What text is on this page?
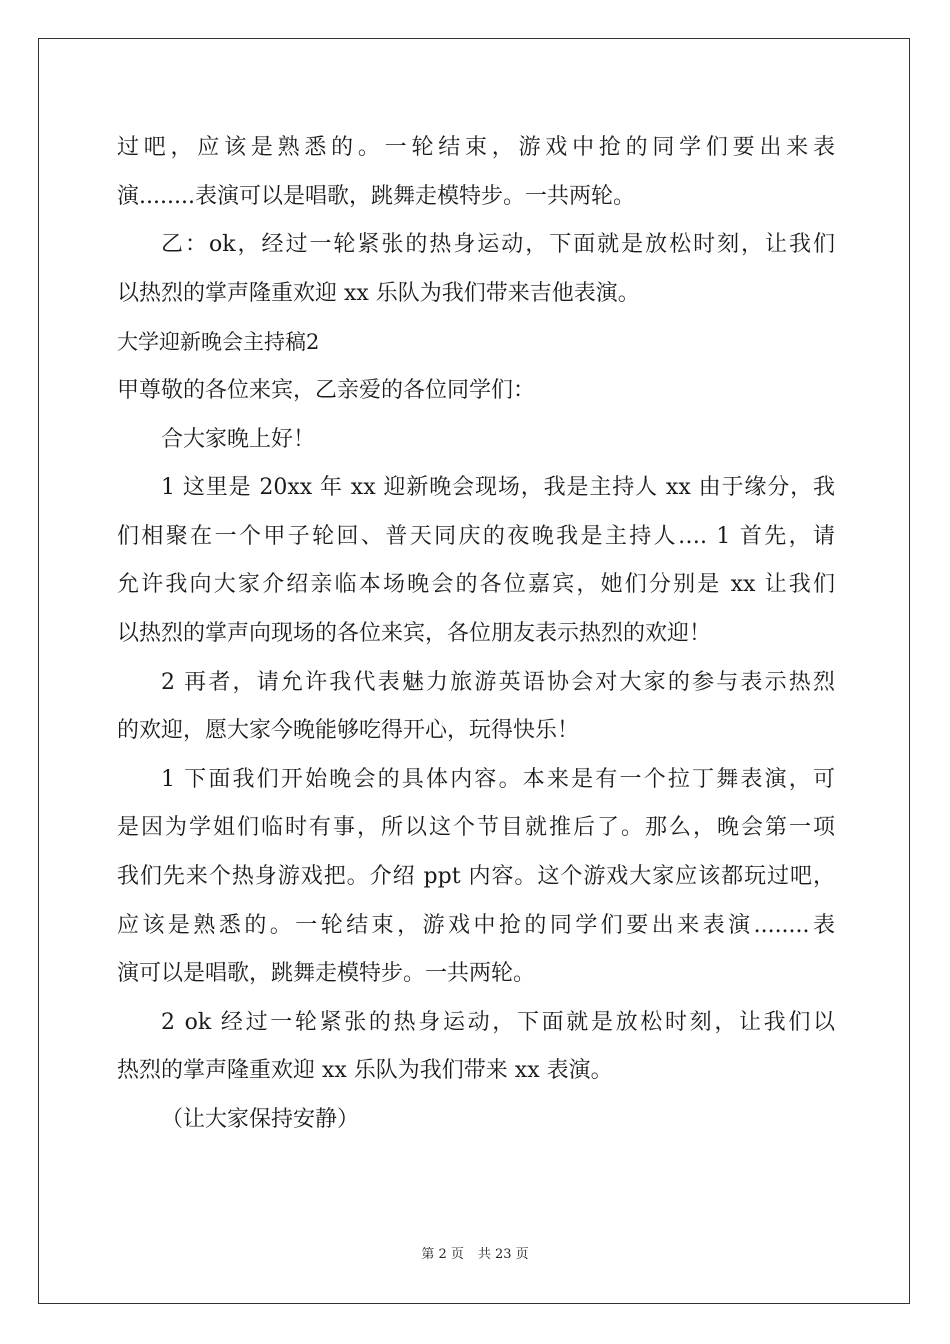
过吧，应该是熟悉的。一轮结束，游戏中抢的同学们要出来表
演........表演可以是唱歌，跳舞走模特步。一共两轮。
乙：ok，经过一轮紧张的热身运动，下面就是放松时刻，让我们
以热烈的掌声隆重欢迎 xx 乐队为我们带来吉他表演。
大学迎新晚会主持稿2
甲尊敬的各位来宾，乙亲爱的各位同学们：
合大家晚上好！
1 这里是 20xx 年 xx 迎新晚会现场，我是主持人 xx 由于缘分，我
们相聚在一个甲子轮回、普天同庆的夜晚我是主持人…. 1 首先，请
允许我向大家介绍亲临本场晚会的各位嘉宾，她们分别是 xx 让我们
以热烈的掌声向现场的各位来宾，各位朋友表示热烈的欢迎！
2 再者，请允许我代表魅力旅游英语协会对大家的参与表示热烈
的欢迎，愿大家今晚能够吃得开心，玩得快乐！
1 下面我们开始晚会的具体内容。本来是有一个拉丁舞表演，可
是因为学姐们临时有事，所以这个节目就推后了。那么，晚会第一项
我们先来个热身游戏把。介绍 ppt 内容。这个游戏大家应该都玩过吧，
应该是熟悉的。一轮结束，游戏中抢的同学们要出来表演........表
演可以是唱歌，跳舞走模特步。一共两轮。
2 ok 经过一轮紧张的热身运动，下面就是放松时刻，让我们以
热烈的掌声隆重欢迎 xx 乐队为我们带来 xx 表演。
（让大家保持安静）
第 2 页 共 23 页
